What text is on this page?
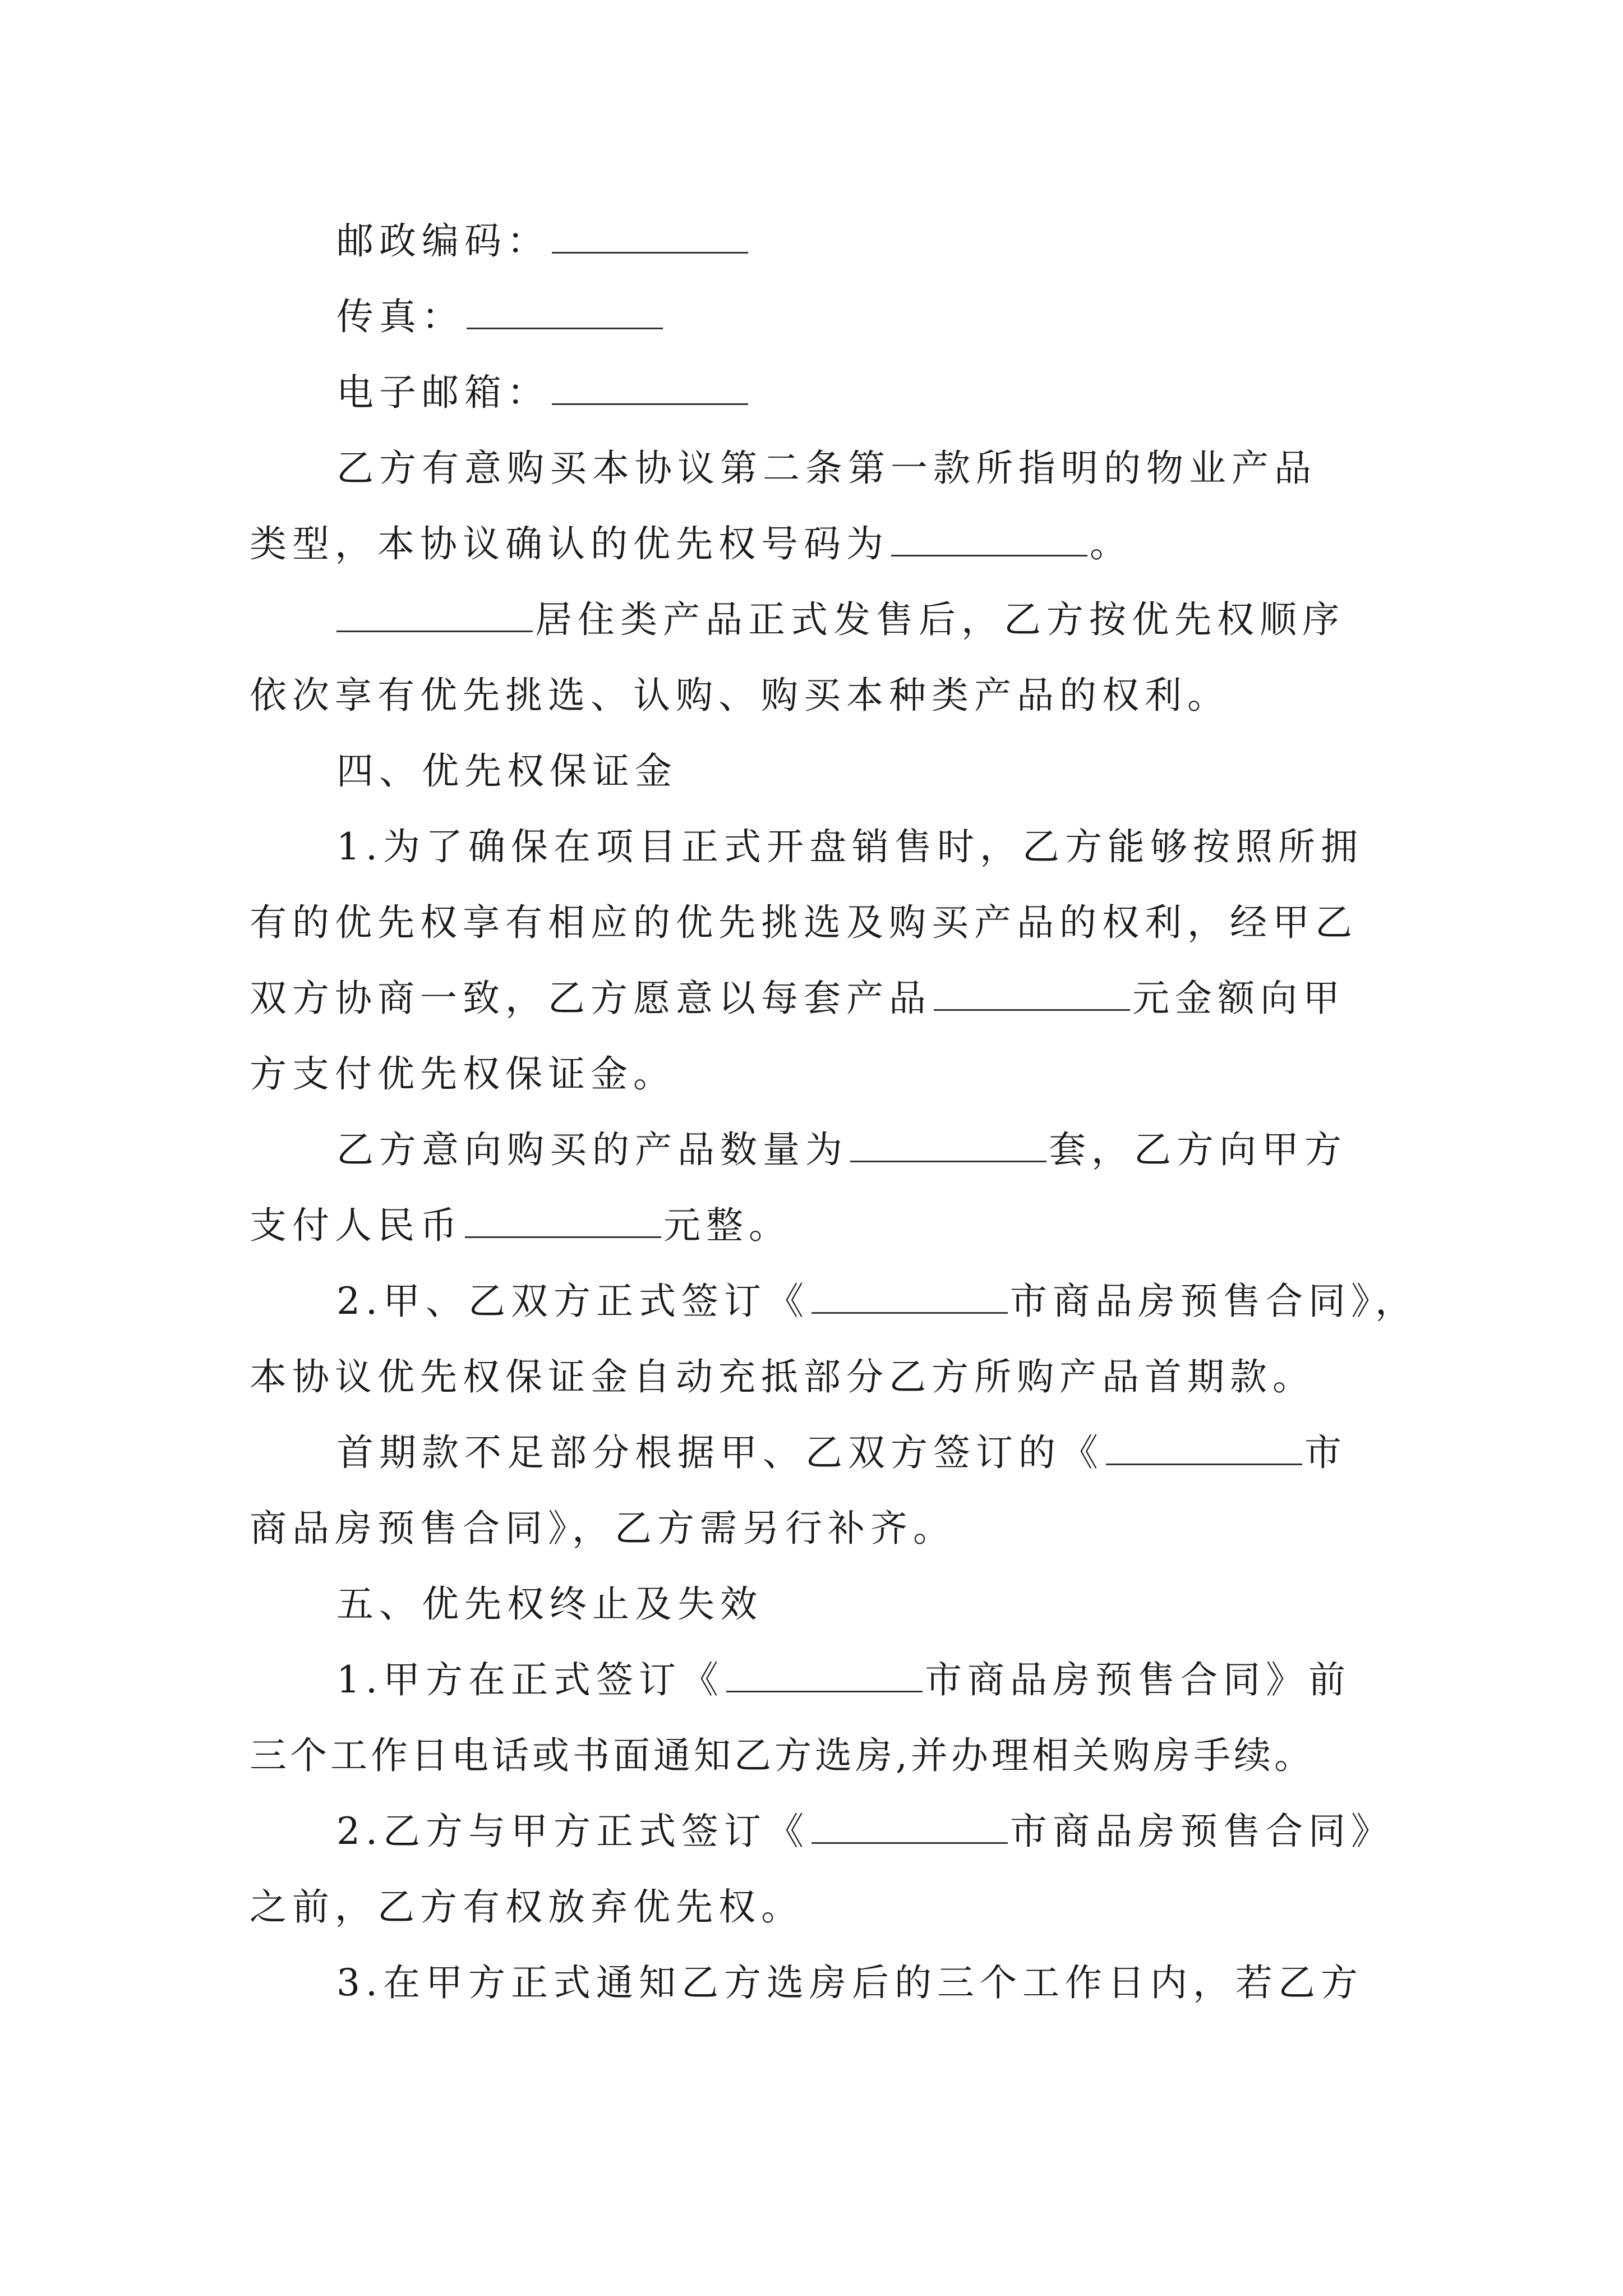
邮政编码：
传真：
电子邮箱：
乙方有意购买本协议第二条第一款所指明的物业产品
类型，本协议确认的优先权号码为	。
居住类产品正式发售后，乙方按优先权顺序
依次享有优先挑选、认购、购买本种类产品的权利。
四、优先权保证金
1.为了确保在项目正式开盘销售时，乙方能够按照所拥
有的优先权享有相应的优先挑选及购买产品的权利，经甲乙
双方协商一致，乙方愿意以每套产品	元金额向甲
方支付优先权保证金。
乙方意向购买的产品数量为	套，乙方向甲方
支付人民币	元整。
2.甲、乙双方正式签订《	市商品房预售合同》，
本协议优先权保证金自动充抵部分乙方所购产品首期款。
首期款不足部分根据甲、乙双方签订的《	市
商品房预售合同》，乙方需另行补齐。
五、优先权终止及失效
1.甲方在正式签订《	市商品房预售合同》前
三个工作日电话或书面通知乙方选房,并办理相关购房手续。
2.乙方与甲方正式签订《	市商品房预售合同》
之前，乙方有权放弃优先权。
3.在甲方正式通知乙方选房后的三个工作日内，若乙方
